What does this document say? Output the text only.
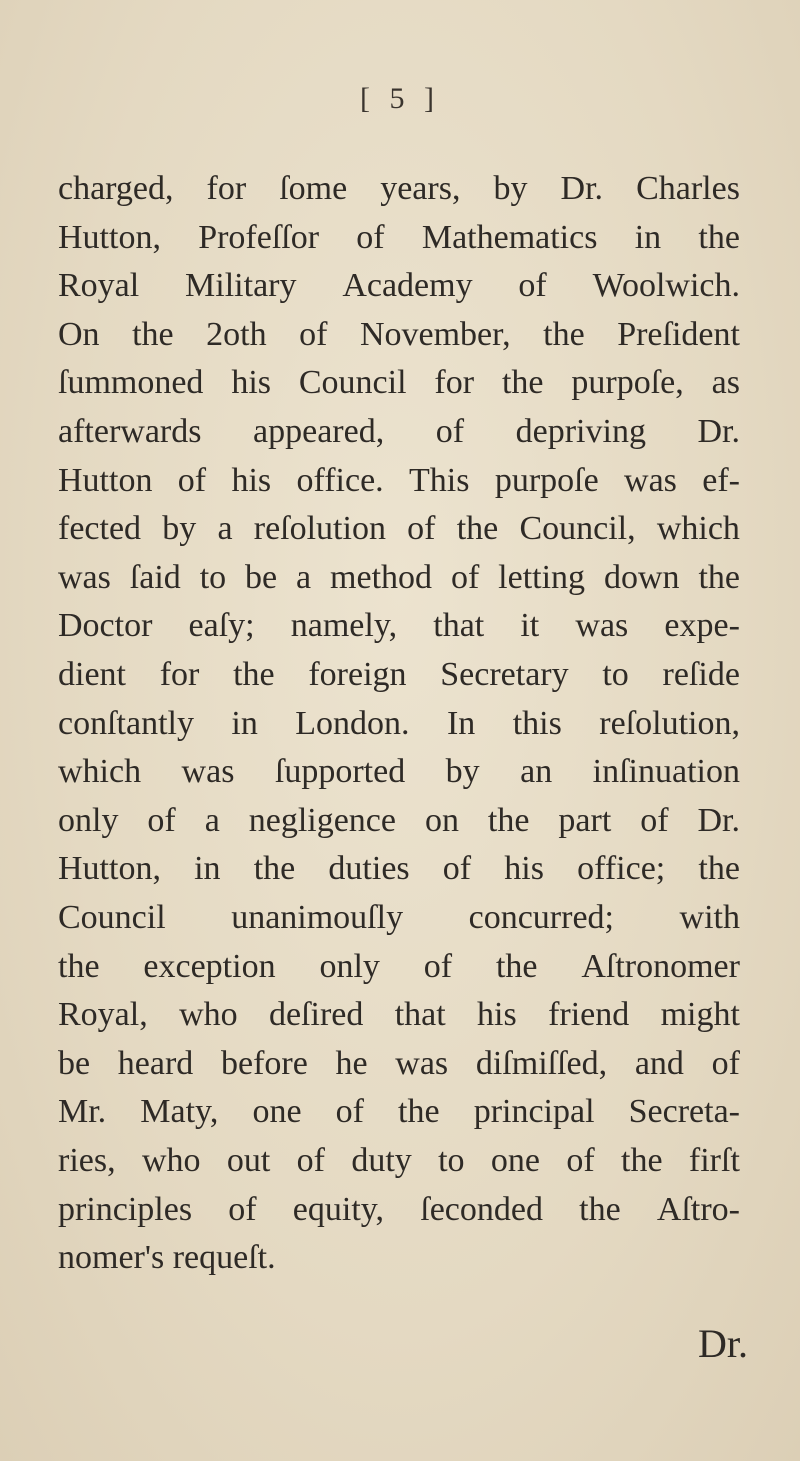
[ 5 ]
charged, for ſome years, by Dr. Charles
Hutton, Profeſſor of Mathematics in the
Royal Military Academy of Woolwich.
On the 2oth of November, the Preſident
ſummoned his Council for the purpoſe, as
afterwards appeared, of depriving Dr.
Hutton of his office. This purpoſe was ef-
fected by a reſolution of the Council, which
was ſaid to be a method of letting down the
Doctor eaſy; namely, that it was expe-
dient for the foreign Secretary to reſide
conſtantly in London. In this reſolution,
which was ſupported by an inſinuation
only of a negligence on the part of Dr.
Hutton, in the duties of his office; the
Council unanimouſly concurred; with
the exception only of the Aſtronomer
Royal, who deſired that his friend might
be heard before he was diſmiſſed, and of
Mr. Maty, one of the principal Secreta-
ries, who out of duty to one of the firſt
principles of equity, ſeconded the Aſtro-
nomer's requeſt.
Dr.
